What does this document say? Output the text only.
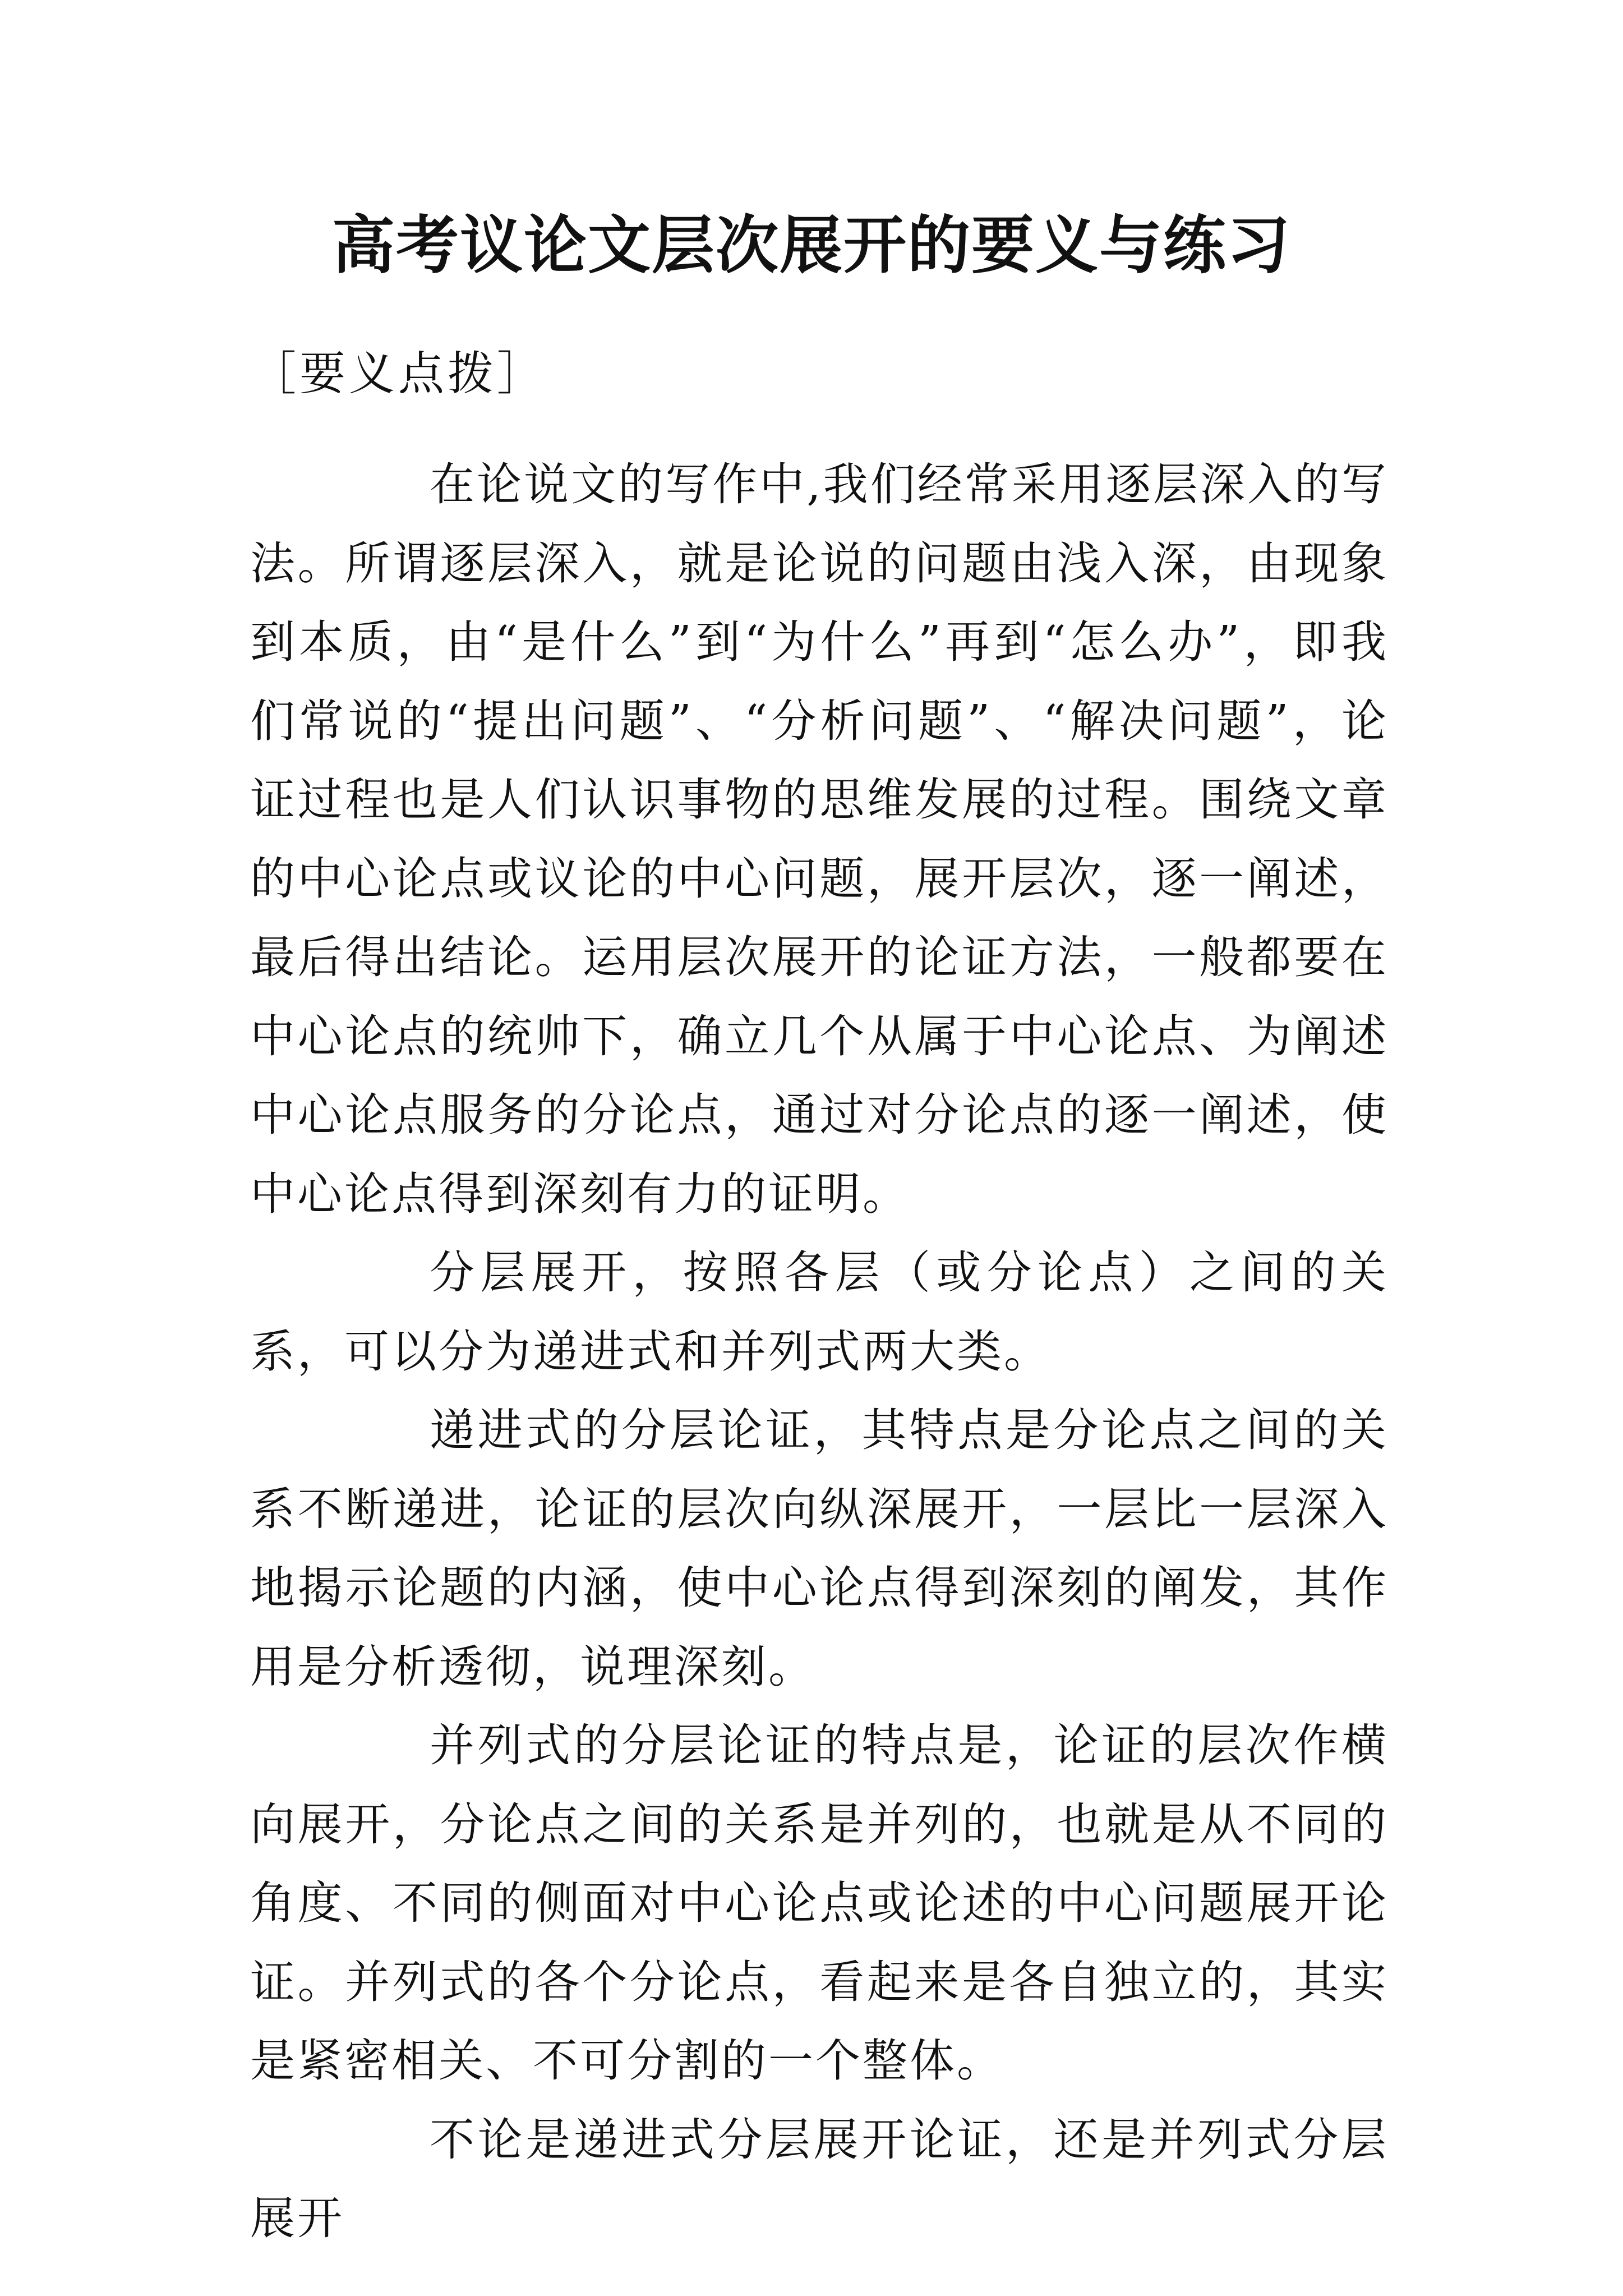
高考议论文层次展开的要义与练习
［要义点拨］

在论说文的写作中,我们经常采用逐层深入的写法。所谓逐层深入，就是论说的问题由浅入深，由现象到本质，由“是什么”到“为什么”再到“怎么办”，即我们常说的“提出问题”、“分析问题”、“解决问题”，论证过程也是人们认识事物的思维发展的过程。围绕文章的中心论点或议论的中心问题，展开层次，逐一阐述，最后得出结论。运用层次展开的论证方法，一般都要在中心论点的统帅下，确立几个从属于中心论点、为阐述中心论点服务的分论点，通过对分论点的逐一阐述，使中心论点得到深刻有力的证明。

分层展开，按照各层（或分论点）之间的关系，可以分为递进式和并列式两大类。

递进式的分层论证，其特点是分论点之间的关系不断递进，论证的层次向纵深展开，一层比一层深入地揭示论题的内涵，使中心论点得到深刻的阐发，其作用是分析透彻，说理深刻。

并列式的分层论证的特点是，论证的层次作横向展开，分论点之间的关系是并列的，也就是从不同的角度、不同的侧面对中心论点或论述的中心问题展开论证。并列式的各个分论点，看起来是各自独立的，其实是紧密相关、不可分割的一个整体。

不论是递进式分层展开论证，还是并列式分层展开
